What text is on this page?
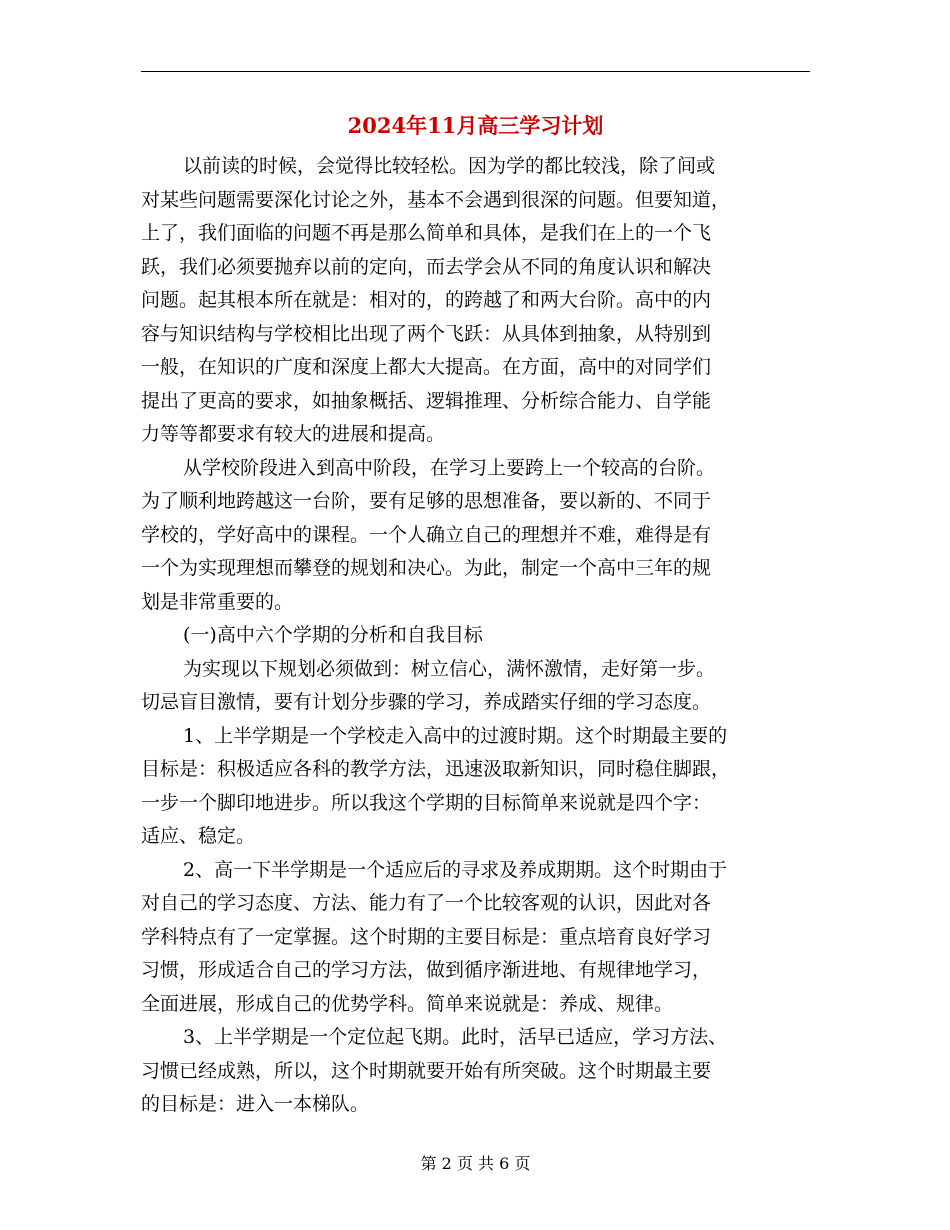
2024年11月高三学习计划
以前读的时候，会觉得比较轻松。因为学的都比较浅，除了间或
对某些问题需要深化讨论之外，基本不会遇到很深的问题。但要知道，
上了，我们面临的问题不再是那么简单和具体，是我们在上的一个飞
跃，我们必须要抛弃以前的定向，而去学会从不同的角度认识和解决
问题。起其根本所在就是：相对的，的跨越了和两大台阶。高中的内
容与知识结构与学校相比出现了两个飞跃：从具体到抽象，从特别到
一般，在知识的广度和深度上都大大提高。在方面，高中的对同学们
提出了更高的要求，如抽象概括、逻辑推理、分析综合能力、自学能
力等等都要求有较大的进展和提高。
从学校阶段进入到高中阶段，在学习上要跨上一个较高的台阶。
为了顺利地跨越这一台阶，要有足够的思想准备，要以新的、不同于
学校的，学好高中的课程。一个人确立自己的理想并不难，难得是有
一个为实现理想而攀登的规划和决心。为此，制定一个高中三年的规
划是非常重要的。
(一)高中六个学期的分析和自我目标
为实现以下规划必须做到：树立信心，满怀激情，走好第一步。
切忌盲目激情，要有计划分步骤的学习，养成踏实仔细的学习态度。
1、上半学期是一个学校走入高中的过渡时期。这个时期最主要的
目标是：积极适应各科的教学方法，迅速汲取新知识，同时稳住脚跟，
一步一个脚印地进步。所以我这个学期的目标简单来说就是四个字：
适应、稳定。
2、高一下半学期是一个适应后的寻求及养成期期。这个时期由于
对自己的学习态度、方法、能力有了一个比较客观的认识，因此对各
学科特点有了一定掌握。这个时期的主要目标是：重点培育良好学习
习惯，形成适合自己的学习方法，做到循序渐进地、有规律地学习，
全面进展，形成自己的优势学科。简单来说就是：养成、规律。
3、上半学期是一个定位起飞期。此时，活早已适应，学习方法、
习惯已经成熟，所以，这个时期就要开始有所突破。这个时期最主要
的目标是：进入一本梯队。
第 2 页 共 6 页
